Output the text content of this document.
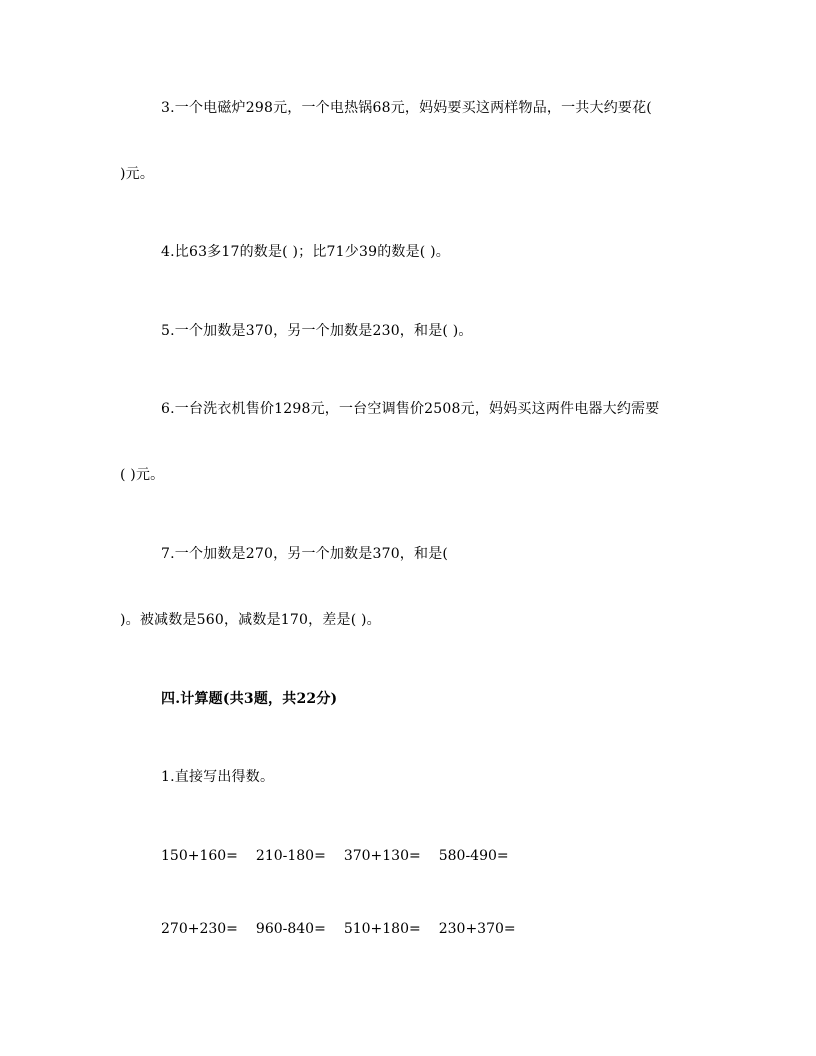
3.一个电磁炉298元，一个电热锅68元，妈妈要买这两样物品，一共大约要花(
)元。
4.比63多17的数是( )；比71少39的数是( )。
5.一个加数是370，另一个加数是230，和是( )。
6.一台洗衣机售价1298元，一台空调售价2508元，妈妈买这两件电器大约需要
( )元。
7.一个加数是270，另一个加数是370，和是(
)。被减数是560，减数是170，差是( )。
四.计算题(共3题，共22分)
1.直接写出得数。
150+160= 210-180= 370+130= 580-490=
270+230= 960-840= 510+180= 230+370=
